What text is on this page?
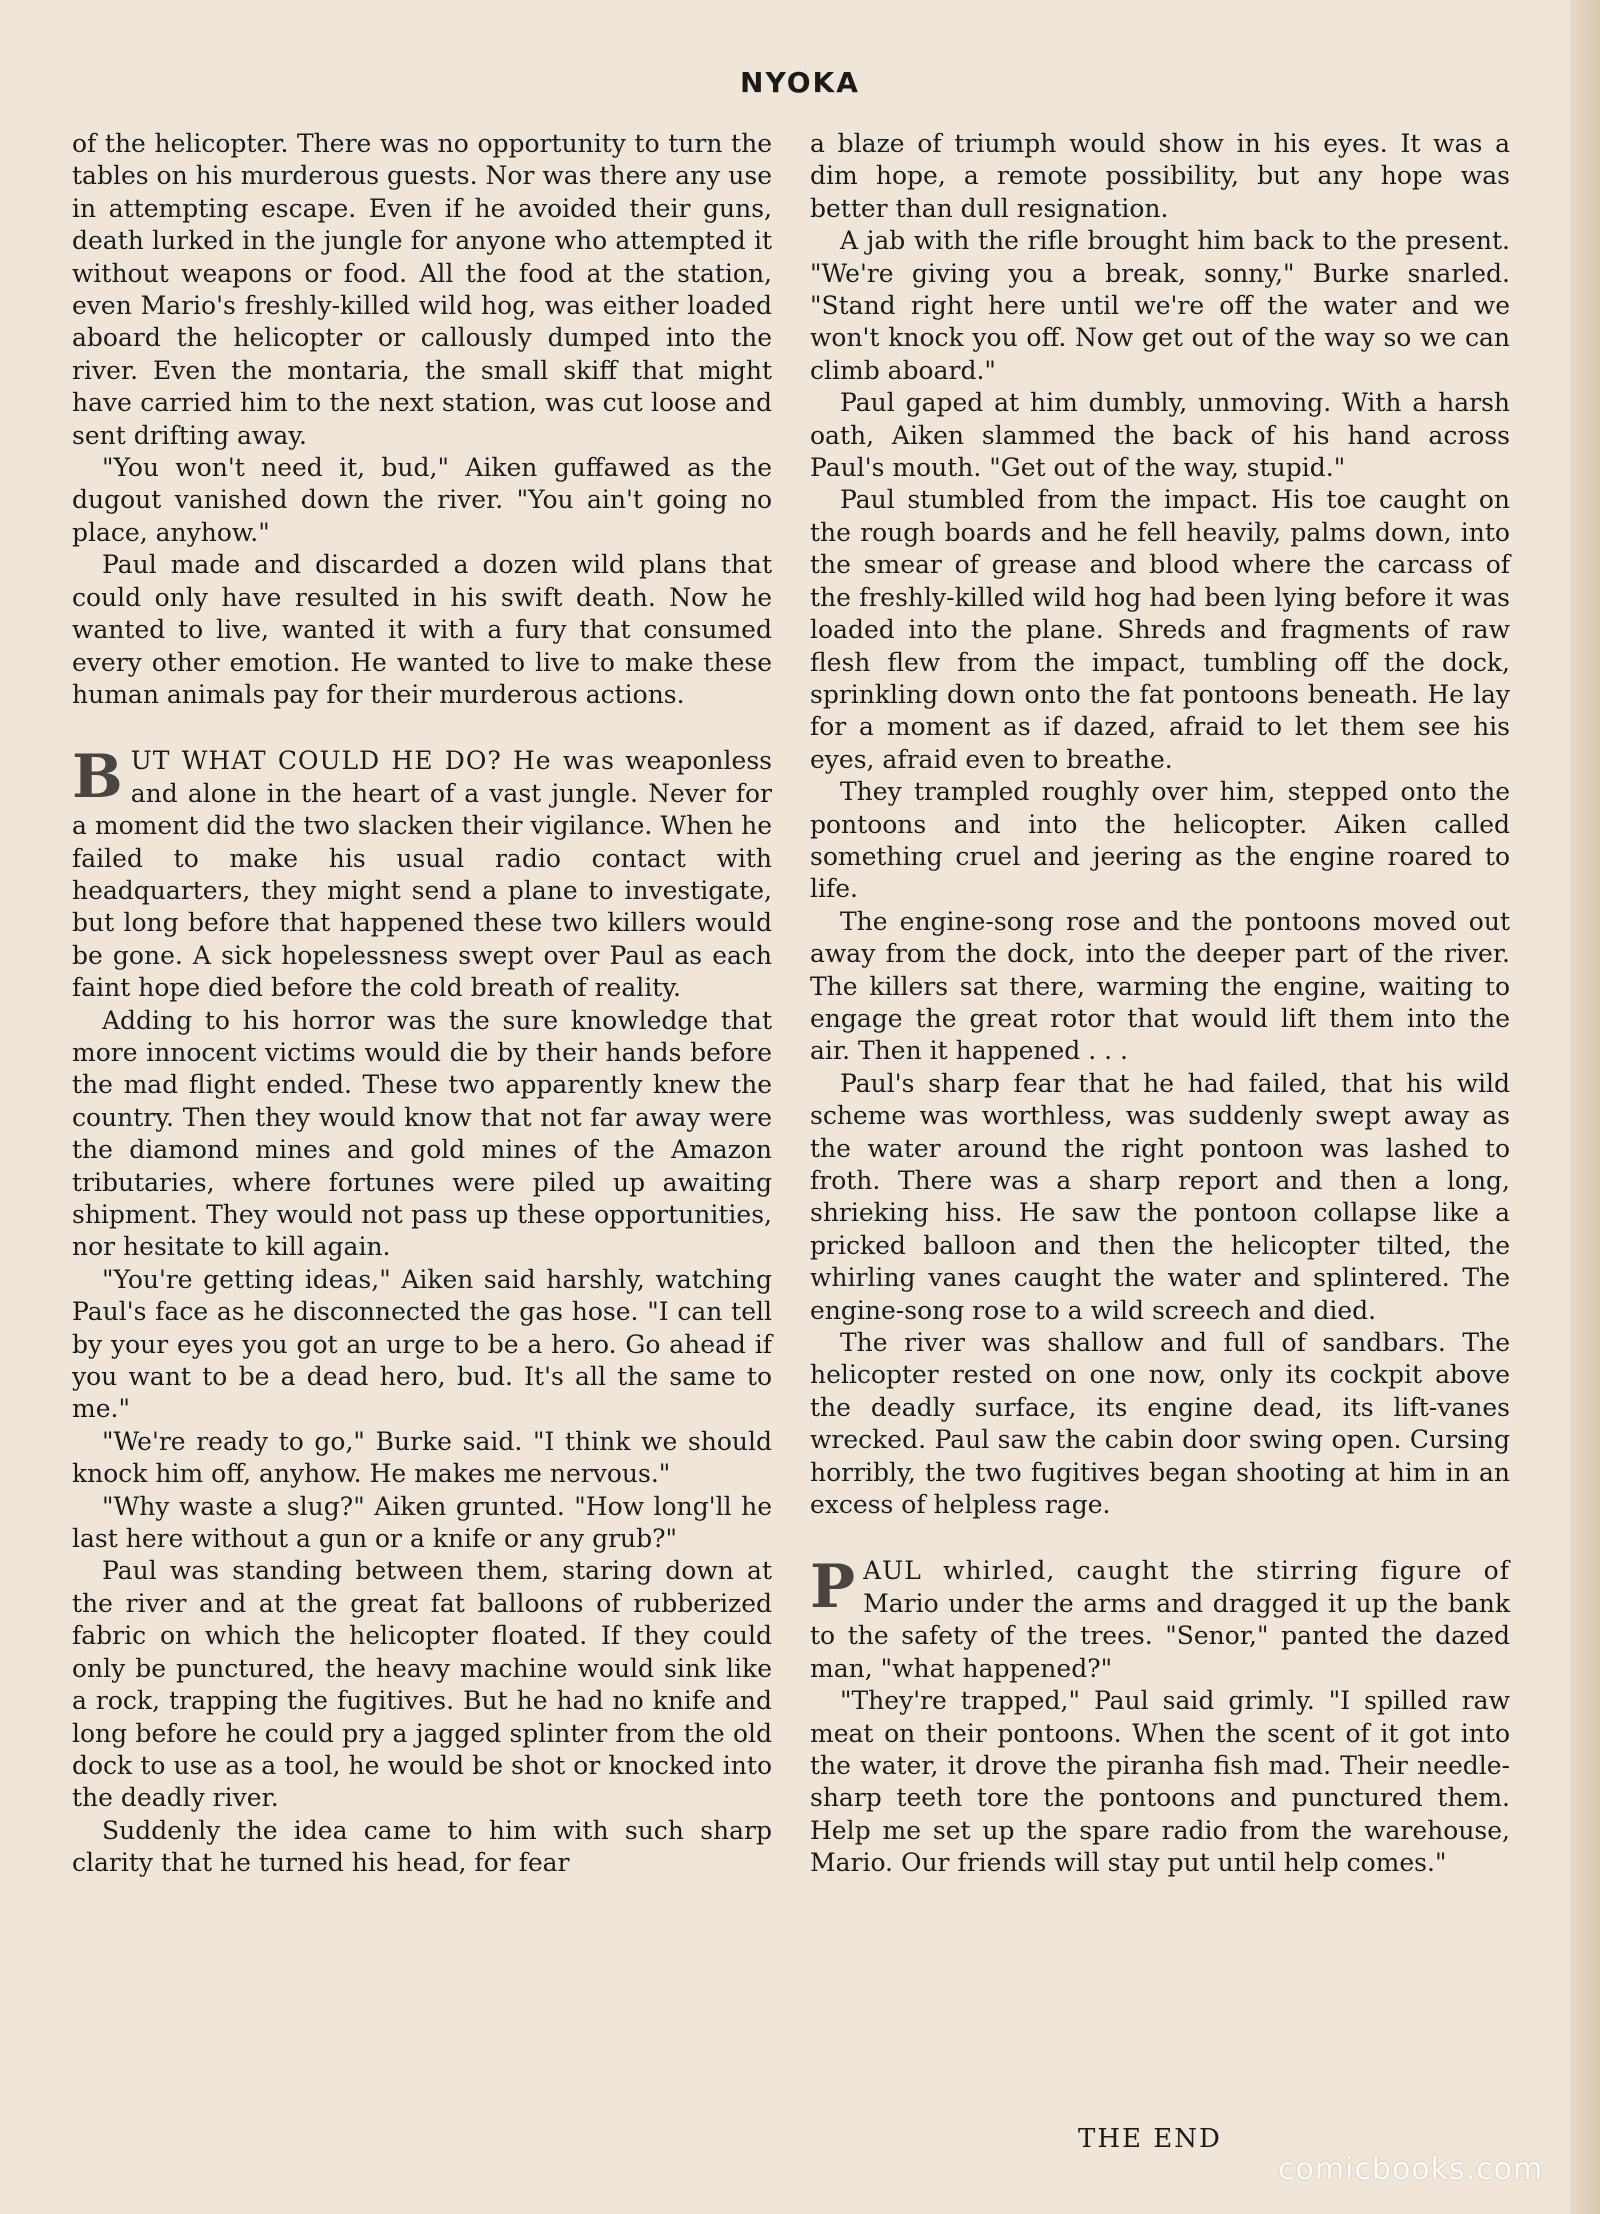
NYOKA

of the helicopter. There was no opportunity to turn the tables on his murderous guests. Nor was there any use in attempting escape. Even if he avoided their guns, death lurked in the jungle for anyone who attempted it without weapons or food. All the food at the station, even Mario's freshly-killed wild hog, was either loaded aboard the helicopter or callously dumped into the river. Even the montaria, the small skiff that might have carried him to the next station, was cut loose and sent drifting away.

"You won't need it, bud," Aiken guffawed as the dugout vanished down the river. "You ain't going no place, anyhow."

Paul made and discarded a dozen wild plans that could only have resulted in his swift death. Now he wanted to live, wanted it with a fury that consumed every other emotion. He wanted to live to make these human animals pay for their murderous actions.

BUT WHAT COULD HE DO? He was weaponless and alone in the heart of a vast jungle. Never for a moment did the two slacken their vigilance. When he failed to make his usual radio contact with headquarters, they might send a plane to investigate, but long before that happened these two killers would be gone. A sick hopelessness swept over Paul as each faint hope died before the cold breath of reality.

Adding to his horror was the sure knowledge that more innocent victims would die by their hands before the mad flight ended. These two apparently knew the country. Then they would know that not far away were the diamond mines and gold mines of the Amazon tributaries, where fortunes were piled up awaiting shipment. They would not pass up these opportunities, nor hesitate to kill again.

"You're getting ideas," Aiken said harshly, watching Paul's face as he disconnected the gas hose. "I can tell by your eyes you got an urge to be a hero. Go ahead if you want to be a dead hero, bud. It's all the same to me."

"We're ready to go," Burke said. "I think we should knock him off, anyhow. He makes me nervous."

"Why waste a slug?" Aiken grunted. "How long'll he last here without a gun or a knife or any grub?"

Paul was standing between them, staring down at the river and at the great fat balloons of rubberized fabric on which the helicopter floated. If they could only be punctured, the heavy machine would sink like a rock, trapping the fugitives. But he had no knife and long before he could pry a jagged splinter from the old dock to use as a tool, he would be shot or knocked into the deadly river.

Suddenly the idea came to him with such sharp clarity that he turned his head, for fear

a blaze of triumph would show in his eyes. It was a dim hope, a remote possibility, but any hope was better than dull resignation.

A jab with the rifle brought him back to the present. "We're giving you a break, sonny," Burke snarled. "Stand right here until we're off the water and we won't knock you off. Now get out of the way so we can climb aboard."

Paul gaped at him dumbly, unmoving. With a harsh oath, Aiken slammed the back of his hand across Paul's mouth. "Get out of the way, stupid."

Paul stumbled from the impact. His toe caught on the rough boards and he fell heavily, palms down, into the smear of grease and blood where the carcass of the freshly-killed wild hog had been lying before it was loaded into the plane. Shreds and fragments of raw flesh flew from the impact, tumbling off the dock, sprinkling down onto the fat pontoons beneath. He lay for a moment as if dazed, afraid to let them see his eyes, afraid even to breathe.

They trampled roughly over him, stepped onto the pontoons and into the helicopter. Aiken called something cruel and jeering as the engine roared to life.

The engine-song rose and the pontoons moved out away from the dock, into the deeper part of the river. The killers sat there, warming the engine, waiting to engage the great rotor that would lift them into the air. Then it happened . . .

Paul's sharp fear that he had failed, that his wild scheme was worthless, was suddenly swept away as the water around the right pontoon was lashed to froth. There was a sharp report and then a long, shrieking hiss. He saw the pontoon collapse like a pricked balloon and then the helicopter tilted, the whirling vanes caught the water and splintered. The engine-song rose to a wild screech and died.

The river was shallow and full of sandbars. The helicopter rested on one now, only its cockpit above the deadly surface, its engine dead, its lift-vanes wrecked. Paul saw the cabin door swing open. Cursing horribly, the two fugitives began shooting at him in an excess of helpless rage.

PAUL whirled, caught the stirring figure of Mario under the arms and dragged it up the bank to the safety of the trees. "Senor," panted the dazed man, "what happened?"

"They're trapped," Paul said grimly. "I spilled raw meat on their pontoons. When the scent of it got into the water, it drove the piranha fish mad. Their needle-sharp teeth tore the pontoons and punctured them. Help me set up the spare radio from the warehouse, Mario. Our friends will stay put until help comes."

THE END
comicbooks.com
